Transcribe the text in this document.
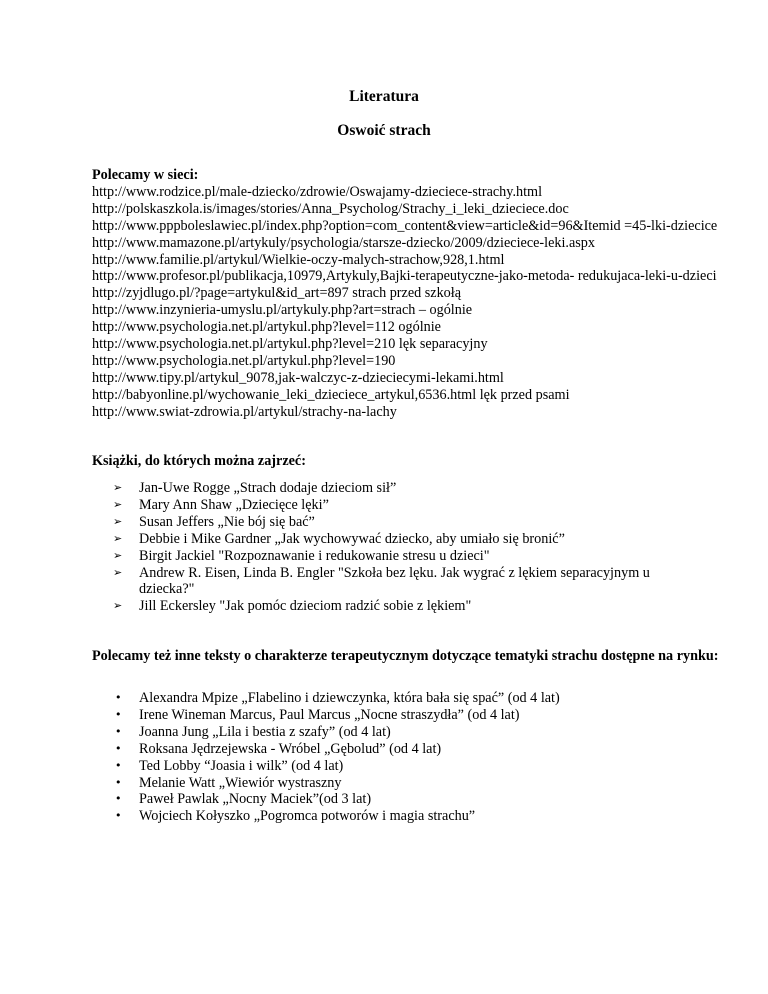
Literatura
Oswoić strach
Polecamy w sieci:
http://www.rodzice.pl/male-dziecko/zdrowie/Oswajamy-dzieciece-strachy.html
http://polskaszkola.is/images/stories/Anna_Psycholog/Strachy_i_leki_dzieciece.doc
http://www.pppboleslawiec.pl/index.php?option=com_content&view=article&id=96&Itemid =45-lki-dziecice
http://www.mamazone.pl/artykuly/psychologia/starsze-dziecko/2009/dzieciece-leki.aspx
http://www.familie.pl/artykul/Wielkie-oczy-malych-strachow,928,1.html
http://www.profesor.pl/publikacja,10979,Artykuly,Bajki-terapeutyczne-jako-metoda- redukujaca-leki-u-dzieci
http://zyjdlugo.pl/?page=artykul&id_art=897 strach przed szkołą
http://www.inzynieria-umyslu.pl/artykuly.php?art=strach – ogólnie
http://www.psychologia.net.pl/artykul.php?level=112 ogólnie
http://www.psychologia.net.pl/artykul.php?level=210 lęk separacyjny
http://www.psychologia.net.pl/artykul.php?level=190
http://www.tipy.pl/artykul_9078,jak-walczyc-z-dzieciecymi-lekami.html
http://babyonline.pl/wychowanie_leki_dzieciece_artykul,6536.html lęk przed psami
http://www.swiat-zdrowia.pl/artykul/strachy-na-lachy
Książki, do których można zajrzeć:
➢ Jan-Uwe Rogge „Strach dodaje dzieciom sił”
➢ Mary Ann Shaw „Dziecięce lęki”
➢ Susan Jeffers „Nie bój się bać”
➢ Debbie i Mike Gardner „Jak wychowywać dziecko, aby umiało się bronić”
➢ Birgit Jackiel "Rozpoznawanie i redukowanie stresu u dzieci"
➢ Andrew R. Eisen, Linda B. Engler "Szkoła bez lęku. Jak wygrać z lękiem separacyjnym u dziecka?"
➢ Jill Eckersley "Jak pomóc dzieciom radzić sobie z lękiem"
Polecamy też inne teksty o charakterze terapeutycznym dotyczące tematyki strachu dostępne na rynku:
• Alexandra Mpize „Flabelino i dziewczynka, która bała się spać” (od 4 lat)
• Irene Wineman Marcus, Paul Marcus „Nocne straszydła” (od 4 lat)
• Joanna Jung „Lila i bestia z szafy” (od 4 lat)
• Roksana Jędrzejewska - Wróbel „Gębolud” (od 4 lat)
• Ted Lobby “Joasia i wilk” (od 4 lat)
• Melanie Watt „Wiewiór wystraszny
• Paweł Pawlak „Nocny Maciek”(od 3 lat)
• Wojciech Kołyszko „Pogromca potworów i magia strachu”
